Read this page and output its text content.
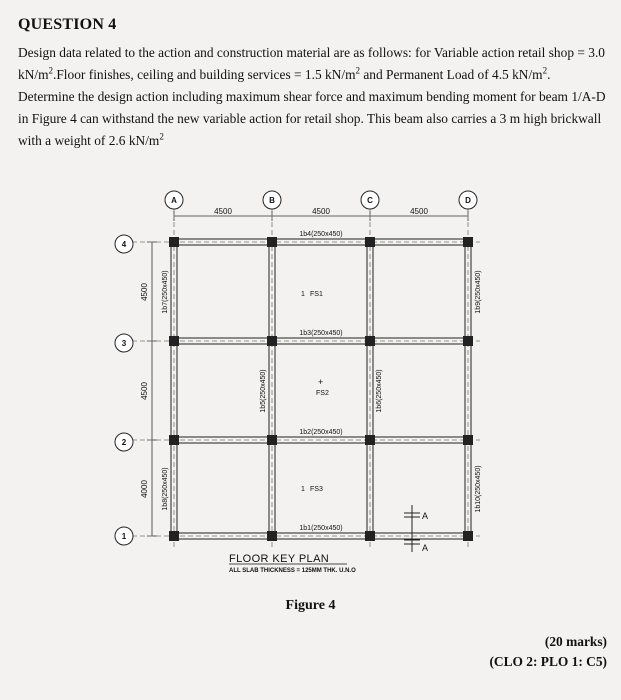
QUESTION 4
Design data related to the action and construction material are as follows: for Variable action retail shop = 3.0 $kN/m^2.Floor$ finishes, ceiling and building services = 1.5 $kN/m^2$ and Permanent Load of 4.5 $kN/m^2$. Determine the design action including maximum shear force and maximum bending moment for beam 1/A-D in Figure 4 can withstand the new variable action for retail shop. This beam also carries a 3 m high brickwall with a weight of 2.6 $kN/m^2$
A	B	C	D
4
3
2
1
4500	4500	4500
4500
4500
4000
1b4(250x450)
1b3(250x450)
1b2(250x450)
1b1(250x450)
1b7(250x450)
1b8(250x450)
1b5(250x450)	1b6(250x450)
1b9(250x450)
1b10(250x450)
1 FS1
+
FS2
1 FS3
A
A
FLOOR KEY PLAN
ALL SLAB THICKNESS = 125MM THK. U.N.O
Figure 4
(20 marks)
(CLO 2: PLO 1: C5)
